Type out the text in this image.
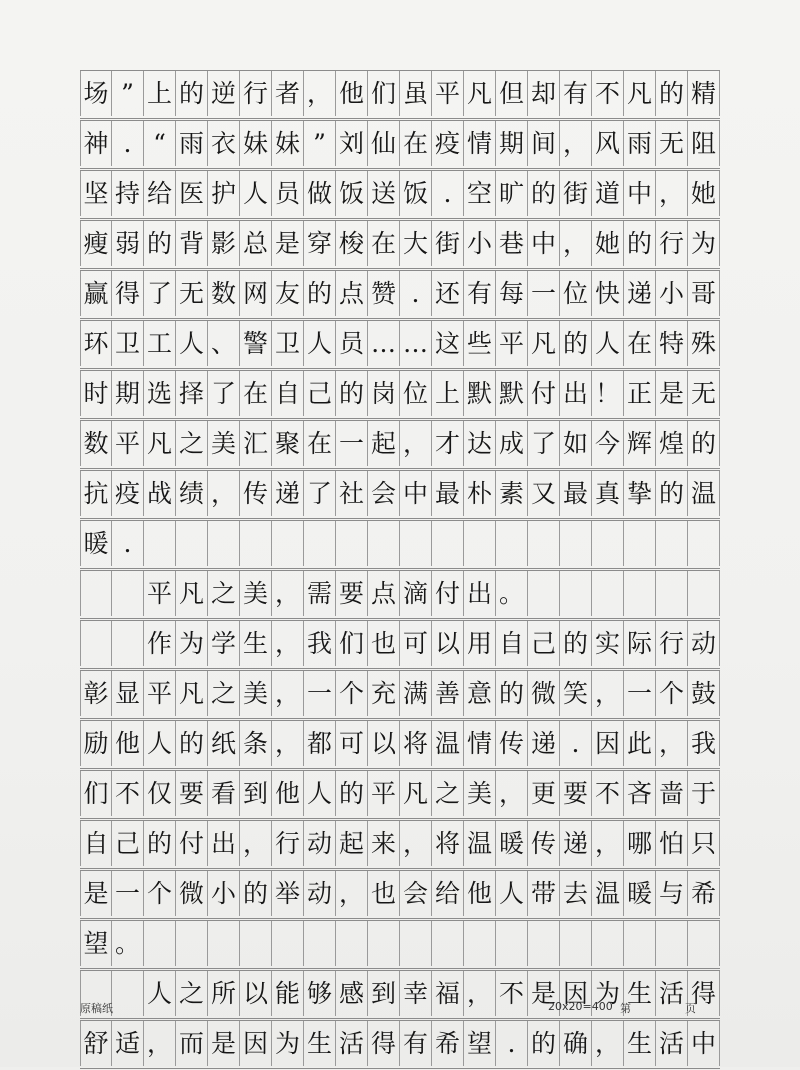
场 ” 上 的 逆 行 者 ， 他 们 虽 平 凡 但 却 有 不 凡 的 精
神 . “ 雨 衣 妹 妹 ” 刘 仙 在 疫 情 期 间 ， 风 雨 无 阻
坚 持 给 医 护 人 员 做 饭 送 饭 . 空 旷 的 街 道 中 ， 她
瘦 弱 的 背 影 总 是 穿 梭 在 大 街 小 巷 中 ， 她 的 行 为
赢 得 了 无 数 网 友 的 点 赞 . 还 有 每 一 位 快 递 小 哥
环 卫 工 人 、 警 卫 人 员 … … 这 些 平 凡 的 人 在 特 殊
时 期 选 择 了 在 自 己 的 岗 位 上 默 默 付 出 ！ 正 是 无
数 平 凡 之 美 汇 聚 在 一 起 ， 才 达 成 了 如 今 辉 煌 的
抗 疫 战 绩 ， 传 递 了 社 会 中 最 朴 素 又 最 真 挚 的 温
暖 .
平 凡 之 美 ， 需 要 点 滴 付 出 。
作 为 学 生 ， 我 们 也 可 以 用 自 己 的 实 际 行 动
彰 显 平 凡 之 美 ， 一 个 充 满 善 意 的 微 笑 ， 一 个 鼓
励 他 人 的 纸 条 ， 都 可 以 将 温 情 传 递 . 因 此 ， 我
们 不 仅 要 看 到 他 人 的 平 凡 之 美 ， 更 要 不 吝 啬 于
自 己 的 付 出 ， 行 动 起 来 ， 将 温 暖 传 递 ， 哪 怕 只
是 一 个 微 小 的 举 动 ， 也 会 给 他 人 带 去 温 暖 与 希
望 。
人 之 所 以 能 够 感 到 幸 福 ， 不 是 因 为 生 活 得
舒 适 ， 而 是 因 为 生 活 得 有 希 望 . 的 确 ， 生 活 中
原稿纸	20x20=400 第	页
